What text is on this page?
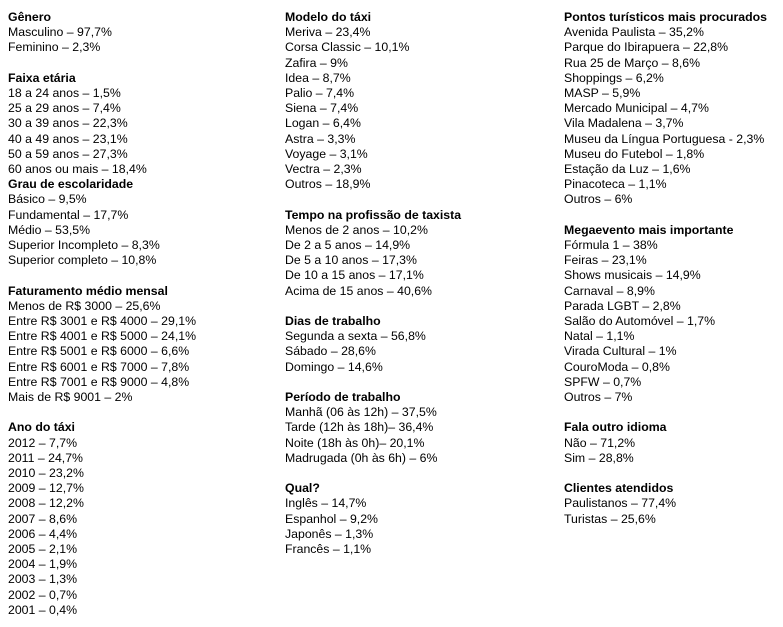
Gênero
Masculino – 97,7%
Feminino – 2,3%
Faixa etária
18 a 24 anos – 1,5%
25 a 29 anos – 7,4%
30 a 39 anos – 22,3%
40 a 49 anos – 23,1%
50 a 59 anos – 27,3%
60 anos ou mais – 18,4%
Grau de escolaridade
Básico – 9,5%
Fundamental – 17,7%
Médio – 53,5%
Superior Incompleto – 8,3%
Superior completo – 10,8%
Faturamento médio mensal
Menos de R$ 3000 – 25,6%
Entre R$ 3001 e R$ 4000 – 29,1%
Entre R$ 4001 e R$ 5000 – 24,1%
Entre R$ 5001 e R$ 6000 – 6,6%
Entre R$ 6001 e R$ 7000 – 7,8%
Entre R$ 7001 e R$ 9000 – 4,8%
Mais de R$ 9001 – 2%
Ano do táxi
2012 – 7,7%
2011 – 24,7%
2010 – 23,2%
2009 – 12,7%
2008 – 12,2%
2007 – 8,6%
2006 – 4,4%
2005 – 2,1%
2004 – 1,9%
2003 – 1,3%
2002 – 0,7%
2001 – 0,4%
Modelo do táxi
Meriva – 23,4%
Corsa Classic – 10,1%
Zafira – 9%
Idea – 8,7%
Palio – 7,4%
Siena – 7,4%
Logan – 6,4%
Astra – 3,3%
Voyage – 3,1%
Vectra – 2,3%
Outros – 18,9%
Tempo na profissão de taxista
Menos de 2 anos – 10,2%
De 2 a 5 anos – 14,9%
De 5 a 10 anos – 17,3%
De 10 a 15 anos – 17,1%
Acima de 15 anos – 40,6%
Dias de trabalho
Segunda a sexta – 56,8%
Sábado – 28,6%
Domingo – 14,6%
Período de trabalho
Manhã (06 às 12h) – 37,5%
Tarde (12h às 18h)– 36,4%
Noite (18h às 0h)– 20,1%
Madrugada (0h às 6h) – 6%
Qual?
Inglês – 14,7%
Espanhol – 9,2%
Japonês – 1,3%
Francês – 1,1%
Pontos turísticos mais procurados
Avenida Paulista – 35,2%
Parque do Ibirapuera – 22,8%
Rua 25 de Março – 8,6%
Shoppings – 6,2%
MASP – 5,9%
Mercado Municipal – 4,7%
Vila Madalena – 3,7%
Museu da Língua Portuguesa - 2,3%
Museu do Futebol – 1,8%
Estação da Luz – 1,6%
Pinacoteca – 1,1%
Outros – 6%
Megaevento mais importante
Fórmula 1 – 38%
Feiras – 23,1%
Shows musicais – 14,9%
Carnaval – 8,9%
Parada LGBT – 2,8%
Salão do Automóvel – 1,7%
Natal – 1,1%
Virada Cultural – 1%
CouroModa – 0,8%
SPFW – 0,7%
Outros – 7%
Fala outro idioma
Não – 71,2%
Sim – 28,8%
Clientes atendidos
Paulistanos – 77,4%
Turistas – 25,6%
